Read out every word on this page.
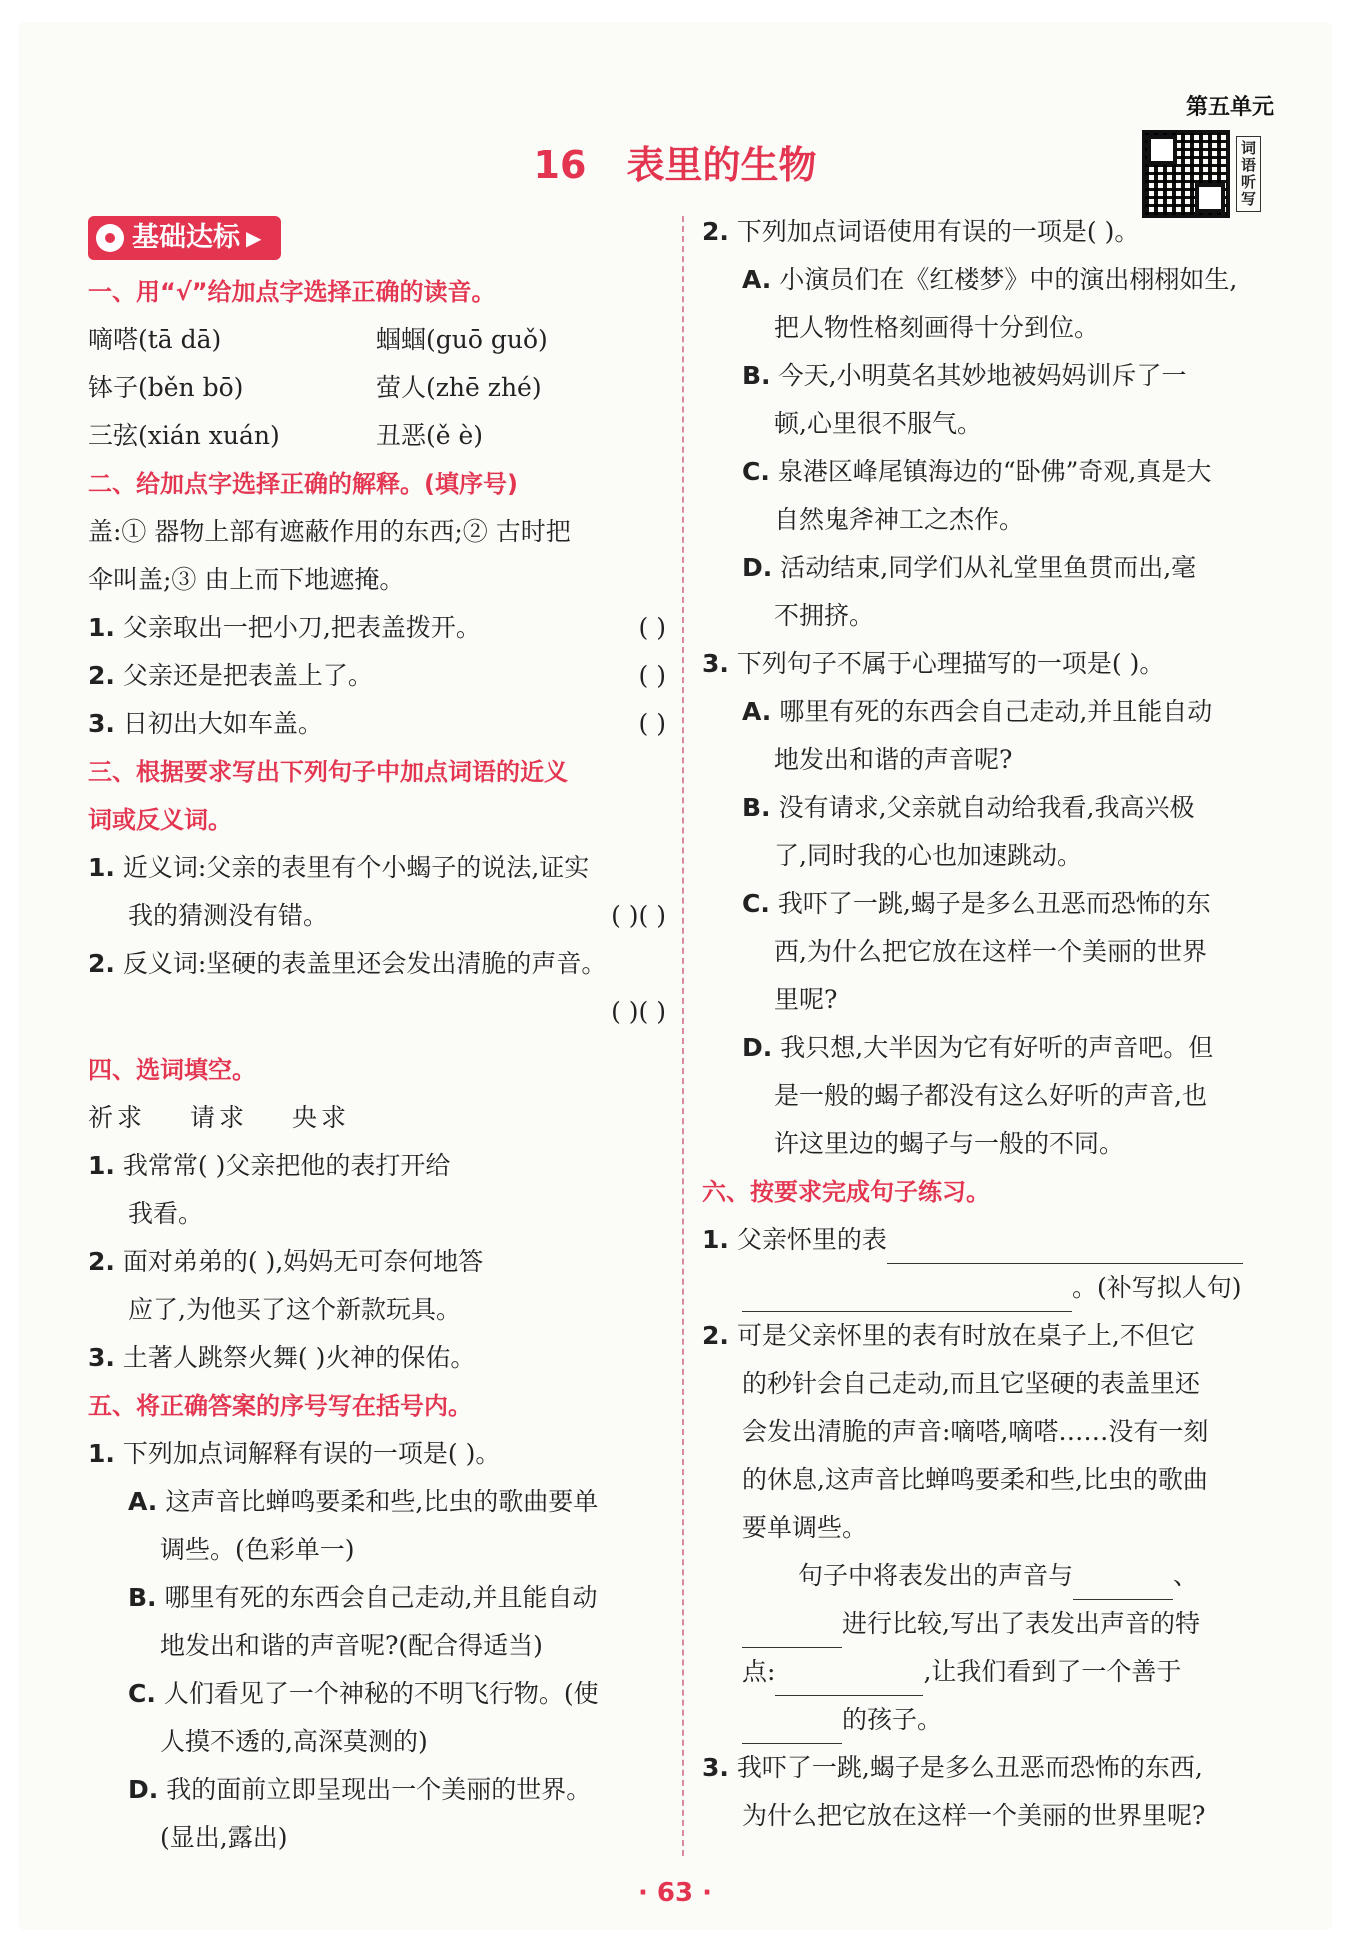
第五单元
词语听写
16 表里的生物
基础达标 ▶
一、用“√”给加点字选择正确的读音。
嘀嗒(tā dā)	蝈蝈(guō guǒ)
钵子(běn bō)	萤人(zhē zhé)
三弦(xián xuán)	丑恶(ě è)
二、给加点字选择正确的解释。(填序号)
盖:① 器物上部有遮蔽作用的东西;② 古时把
伞叫盖;③ 由上而下地遮掩。
1. 父亲取出一把小刀,把表盖拨开。	( )
2. 父亲还是把表盖上了。	( )
3. 日初出大如车盖。	( )
三、根据要求写出下列句子中加点词语的近义
词或反义词。
1. 近义词:父亲的表里有个小蝎子的说法,证实
我的猜测没有错。	( )( )
2. 反义词:坚硬的表盖里还会发出清脆的声音。

( )( )
四、选词填空。
祈求 请求 央求
1. 我常常( )父亲把他的表打开给
我看。
2. 面对弟弟的( ),妈妈无可奈何地答
应了,为他买了这个新款玩具。
3. 土著人跳祭火舞( )火神的保佑。
五、将正确答案的序号写在括号内。
1. 下列加点词解释有误的一项是( )。
A. 这声音比蝉鸣要柔和些,比虫的歌曲要单
调些。(色彩单一)
B. 哪里有死的东西会自己走动,并且能自动
地发出和谐的声音呢?(配合得适当)
C. 人们看见了一个神秘的不明飞行物。(使
人摸不透的,高深莫测的)
D. 我的面前立即呈现出一个美丽的世界。
(显出,露出)
2. 下列加点词语使用有误的一项是( )。
A. 小演员们在《红楼梦》中的演出栩栩如生,
把人物性格刻画得十分到位。
B. 今天,小明莫名其妙地被妈妈训斥了一
顿,心里很不服气。
C. 泉港区峰尾镇海边的“卧佛”奇观,真是大
自然鬼斧神工之杰作。
D. 活动结束,同学们从礼堂里鱼贯而出,毫
不拥挤。
3. 下列句子不属于心理描写的一项是( )。
A. 哪里有死的东西会自己走动,并且能自动
地发出和谐的声音呢?
B. 没有请求,父亲就自动给我看,我高兴极
了,同时我的心也加速跳动。
C. 我吓了一跳,蝎子是多么丑恶而恐怖的东
西,为什么把它放在这样一个美丽的世界
里呢?
D. 我只想,大半因为它有好听的声音吧。但
是一般的蝎子都没有这么好听的声音,也
许这里边的蝎子与一般的不同。
六、按要求完成句子练习。
1. 父亲怀里的表
。(补写拟人句)
2. 可是父亲怀里的表有时放在桌子上,不但它
的秒针会自己走动,而且它坚硬的表盖里还
会发出清脆的声音:嘀嗒,嘀嗒……没有一刻
的休息,这声音比蝉鸣要柔和些,比虫的歌曲
要单调些。
句子中将表发出的声音与	、
进行比较,写出了表发出声音的特
点:	,让我们看到了一个善于
的孩子。
3. 我吓了一跳,蝎子是多么丑恶而恐怖的东西,
为什么把它放在这样一个美丽的世界里呢?
· 63 ·
